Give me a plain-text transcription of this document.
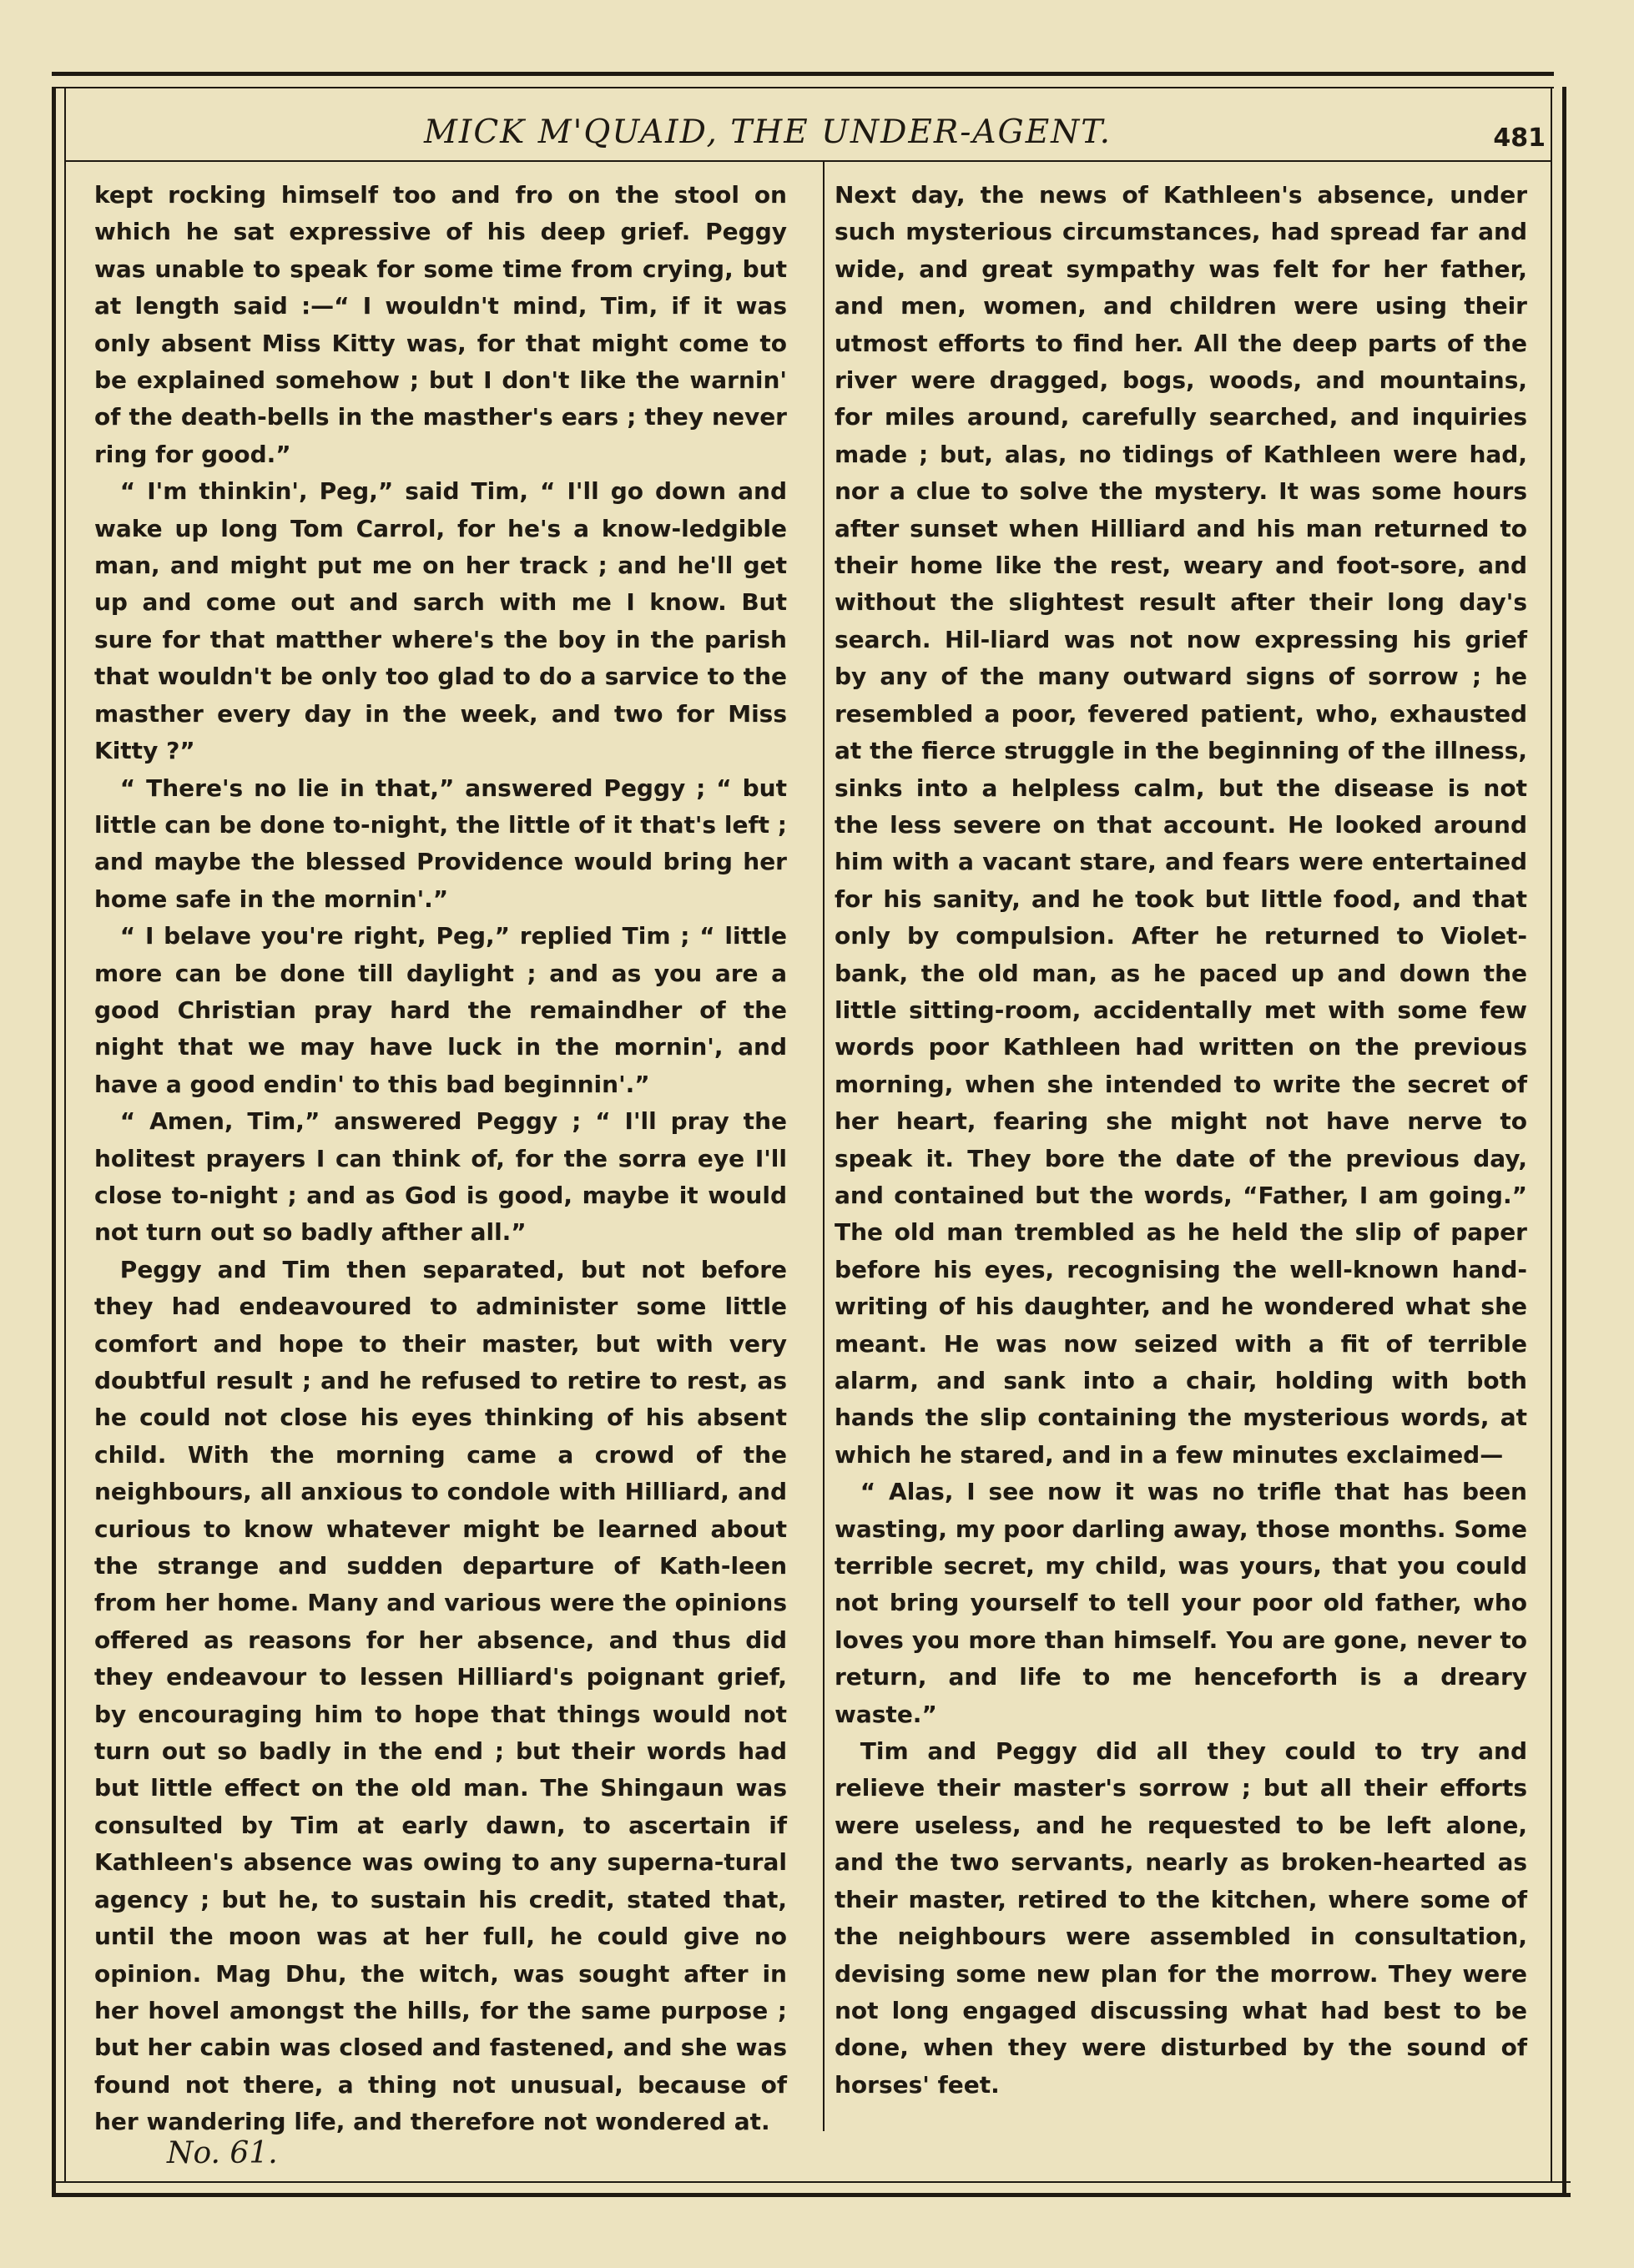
MICK M'QUAID, THE UNDER-AGENT.	481

kept rocking himself too and fro on the stool on which he sat expressive of his deep grief. Peggy was unable to speak for some time from crying, but at length said :—“ I wouldn't mind, Tim, if it was only absent Miss Kitty was, for that might come to be explained somehow ; but I don't like the warnin' of the death-bells in the masther's ears ; they never ring for good.”

“ I'm thinkin', Peg,” said Tim, “ I'll go down and wake up long Tom Carrol, for he's a know-ledgible man, and might put me on her track ; and he'll get up and come out and sarch with me I know. But sure for that matther where's the boy in the parish that wouldn't be only too glad to do a sarvice to the masther every day in the week, and two for Miss Kitty ?”

“ There's no lie in that,” answered Peggy ; “ but little can be done to-night, the little of it that's left ; and maybe the blessed Providence would bring her home safe in the mornin'.”

“ I belave you're right, Peg,” replied Tim ; “ little more can be done till daylight ; and as you are a good Christian pray hard the remaindher of the night that we may have luck in the mornin', and have a good endin' to this bad beginnin'.”

“ Amen, Tim,” answered Peggy ; “ I'll pray the holitest prayers I can think of, for the sorra eye I'll close to-night ; and as God is good, maybe it would not turn out so badly afther all.”

Peggy and Tim then separated, but not before they had endeavoured to administer some little comfort and hope to their master, but with very doubtful result ; and he refused to retire to rest, as he could not close his eyes thinking of his absent child. With the morning came a crowd of the neighbours, all anxious to condole with Hilliard, and curious to know whatever might be learned about the strange and sudden departure of Kath-leen from her home. Many and various were the opinions offered as reasons for her absence, and thus did they endeavour to lessen Hilliard's poignant grief, by encouraging him to hope that things would not turn out so badly in the end ; but their words had but little effect on the old man. The Shingaun was consulted by Tim at early dawn, to ascertain if Kathleen's absence was owing to any superna-tural agency ; but he, to sustain his credit, stated that, until the moon was at her full, he could give no opinion. Mag Dhu, the witch, was sought after in her hovel amongst the hills, for the same purpose ; but her cabin was closed and fastened, and she was found not there, a thing not unusual, because of her wandering life, and therefore not wondered at.

Next day, the news of Kathleen's absence, under such mysterious circumstances, had spread far and wide, and great sympathy was felt for her father, and men, women, and children were using their utmost efforts to find her. All the deep parts of the river were dragged, bogs, woods, and mountains, for miles around, carefully searched, and inquiries made ; but, alas, no tidings of Kathleen were had, nor a clue to solve the mystery. It was some hours after sunset when Hilliard and his man returned to their home like the rest, weary and foot-sore, and without the slightest result after their long day's search. Hil-liard was not now expressing his grief by any of the many outward signs of sorrow ; he resembled a poor, fevered patient, who, exhausted at the fierce struggle in the beginning of the illness, sinks into a helpless calm, but the disease is not the less severe on that account. He looked around him with a vacant stare, and fears were entertained for his sanity, and he took but little food, and that only by compulsion. After he returned to Violet-bank, the old man, as he paced up and down the little sitting-room, accidentally met with some few words poor Kathleen had written on the previous morning, when she intended to write the secret of her heart, fearing she might not have nerve to speak it. They bore the date of the previous day, and contained but the words, “Father, I am going.” The old man trembled as he held the slip of paper before his eyes, recognising the well-known hand-writing of his daughter, and he wondered what she meant. He was now seized with a fit of terrible alarm, and sank into a chair, holding with both hands the slip containing the mysterious words, at which he stared, and in a few minutes exclaimed—

“ Alas, I see now it was no trifle that has been wasting, my poor darling away, those months. Some terrible secret, my child, was yours, that you could not bring yourself to tell your poor old father, who loves you more than himself. You are gone, never to return, and life to me henceforth is a dreary waste.”

Tim and Peggy did all they could to try and relieve their master's sorrow ; but all their efforts were useless, and he requested to be left alone, and the two servants, nearly as broken-hearted as their master, retired to the kitchen, where some of the neighbours were assembled in consultation, devising some new plan for the morrow. They were not long engaged discussing what had best to be done, when they were disturbed by the sound of horses' feet.

No. 61.
